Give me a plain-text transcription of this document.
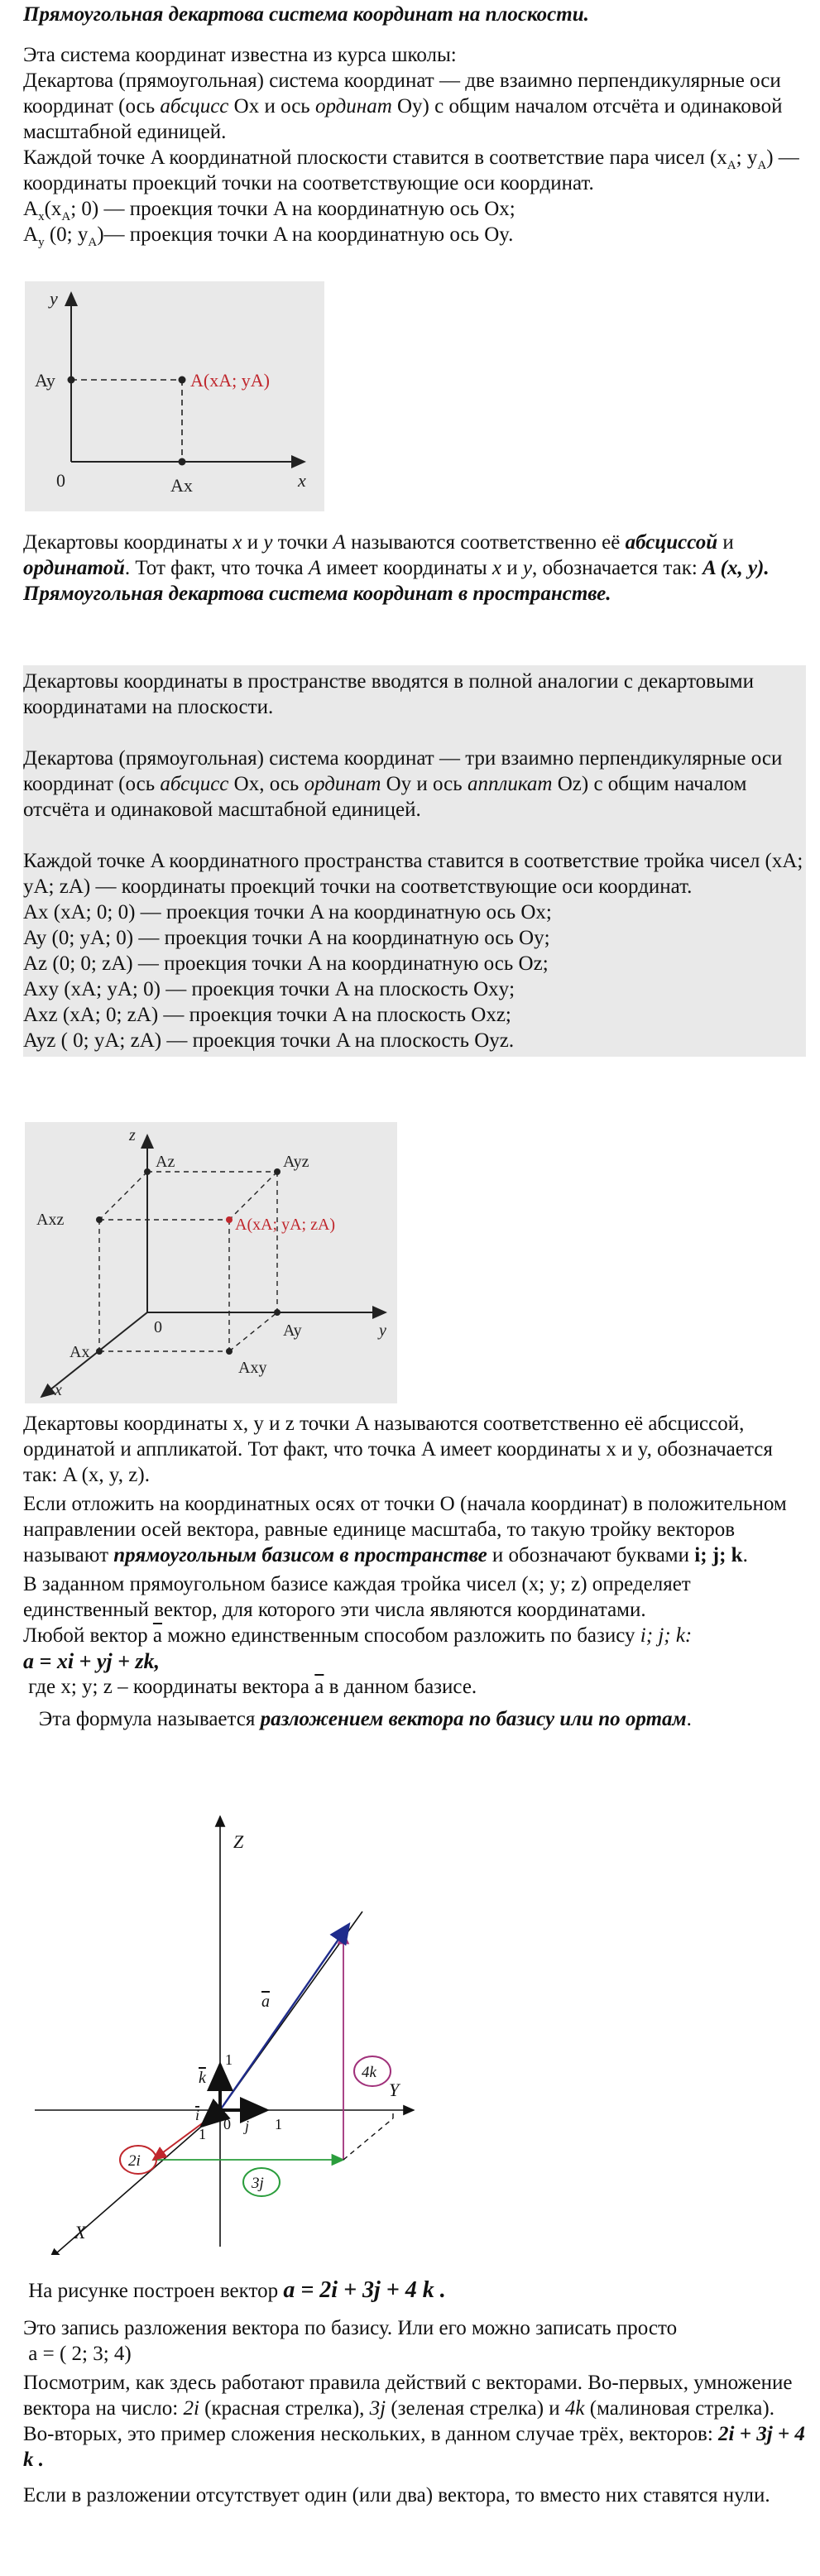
Прямоугольная декартова система координат на плоскости.

Эта система координат известна из курса школы:

Декартова (прямоугольная) система координат — две взаимно перпендикулярные оси координат (ось абсцисс Ox и ось ординат Oy) с общим началом отсчёта и одинаковой масштабной единицей.

Каждой точке A координатной плоскости ставится в соответствие пара чисел ($x_A$; $y_A$) — координаты проекций точки на соответствующие оси координат.

$A_x(x_A$; 0) — проекция точки A на координатную ось Ox;

$A_y$ (0; $y_A)—$ проекция точки A на координатную ось Oy.

y
x
0
Ay
Ax
A(xA; yA)

Декартовы координаты x и y точки A называются соответственно её абсциссой и ординатой. Тот факт, что точка A имеет координаты x и y, обозначается так: A (x, y).

Прямоугольная декартова система координат в пространстве.

Декартовы координаты в пространстве вводятся в полной аналогии с декартовыми координатами на плоскости.

Декартова (прямоугольная) система координат — три взаимно перпендикулярные оси координат (ось абсцисс Ox, ось ординат Oy и ось аппликат Oz) с общим началом отсчёта и одинаковой масштабной единицей.

Каждой точке A координатного пространства ставится в соответствие тройка чисел (xA; yA; zA) — координаты проекций точки на соответствующие оси координат.

Ax (xA; 0; 0) — проекция точки A на координатную ось Ox;

Ay (0; yA; 0) — проекция точки A на координатную ось Oy;

Az (0; 0; zA) — проекция точки A на координатную ось Oz;

Axy (xA; yA; 0) — проекция точки A на плоскость Oxy;

Axz (xA; 0; zA) — проекция точки A на плоскость Oxz;

Ayz ( 0; yA; zA) — проекция точки A на плоскость Oyz.

z
y
x
0
Az	Ayz
Axz	A(xA; yA; zA)
Ax
Ay
Axy

Декартовы координаты x, y и z точки A называются соответственно её абсциссой, ординатой и аппликатой. Тот факт, что точка A имеет координаты x и y, обозначается так: A (x, y, z).

Если отложить на координатных осях от точки O (начала координат) в положительном направлении осей вектора, равные единице масштаба, то такую тройку векторов называют прямоугольным базисом в пространстве и обозначают буквами i; j; k.

В заданном прямоугольном базисе каждая тройка чисел (x; y; z) определяет единственный вектор, для которого эти числа являются координатами.

Любой вектор $\overline{a}$ можно единственным способом разложить по базису i; j; k:

a = xi + yj + zk,

где x; y; z – координаты вектора $\overline{a}$ в данном базисе.

Эта формула называется разложением вектора по базису или по ортам.

Z
Y
X
a
k
1
i
1
0 j 1
2i
3j
4k

На рисунке построен вектор a = 2i + 3j + 4 k .

Это запись разложения вектора по базису. Или его можно записать просто

a = ( 2; 3; 4)

Посмотрим, как здесь работают правила действий с векторами. Во-первых, умножение вектора на число: 2i (красная стрелка), 3j (зеленая стрелка) и 4k (малиновая стрелка). Во-вторых, это пример сложения нескольких, в данном случае трёх, векторов: 2i + 3j + 4 k .

Если в разложении отсутствует один (или два) вектора, то вместо них ставятся нули.
